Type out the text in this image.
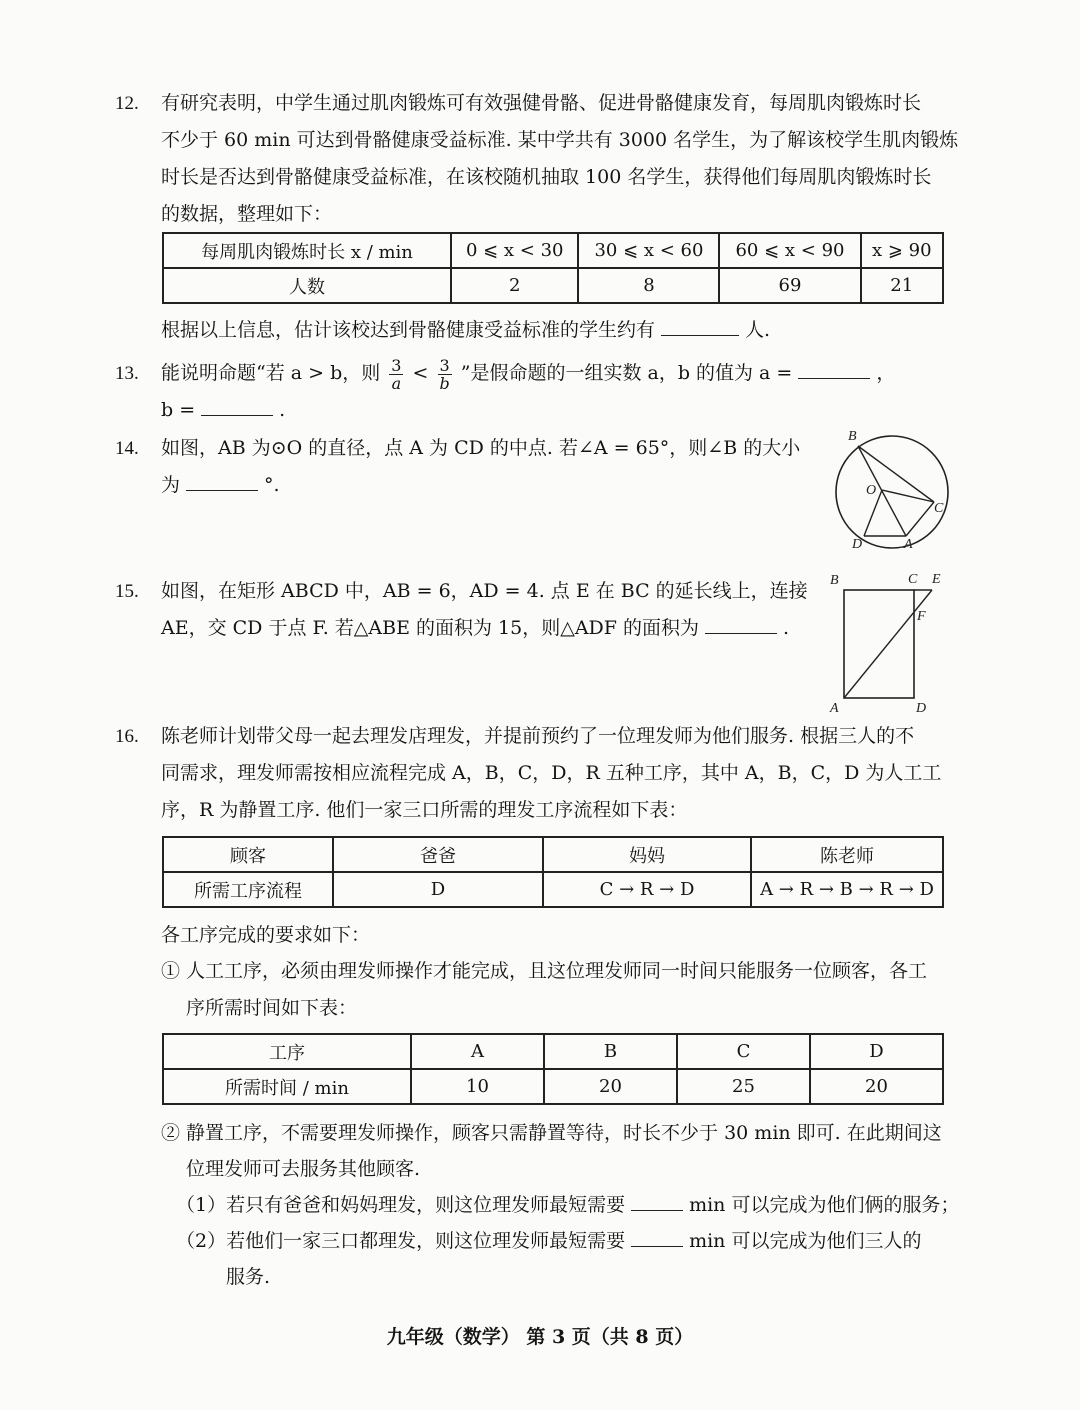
12.	有研究表明，中学生通过肌肉锻炼可有效强健骨骼、促进骨骼健康发育，每周肌肉锻炼时长
不少于 60 min 可达到骨骼健康受益标准. 某中学共有 3000 名学生，为了解该校学生肌肉锻炼
时长是否达到骨骼健康受益标准，在该校随机抽取 100 名学生，获得他们每周肌肉锻炼时长
的数据，整理如下：
每周肌肉锻炼时长 x / min	0 ⩽ x < 30	30 ⩽ x < 60	60 ⩽ x < 90	x ⩾ 90
人数	2	8	69	21
根据以上信息，估计该校达到骨骼健康受益标准的学生约有	人.
13.	能说明命题“若 a > b，则 $\frac{3}{a} < \frac{3}{b}$ ”是假命题的一组实数 a，b 的值为 a =	，
b =	.
14.	如图，AB 为⊙O 的直径，点 A 为 CD 的中点. 若∠A = 65°，则∠B 的大小
为	°.
B
O
C
D	A
15.	如图，在矩形 ABCD 中，AB = 6，AD = 4. 点 E 在 BC 的延长线上，连接
AE，交 CD 于点 F. 若△ABE 的面积为 15，则△ADF 的面积为	.
B	C E
F
A	D
16.	陈老师计划带父母一起去理发店理发，并提前预约了一位理发师为他们服务. 根据三人的不
同需求，理发师需按相应流程完成 A，B，C，D，R 五种工序，其中 A，B，C，D 为人工工
序，R 为静置工序. 他们一家三口所需的理发工序流程如下表：
顾客	爸爸	妈妈	陈老师
所需工序流程	D	C → R → D	A → R → B → R → D
各工序完成的要求如下：
① 人工工序，必须由理发师操作才能完成，且这位理发师同一时间只能服务一位顾客，各工
序所需时间如下表：
工序	A	B	C	D
所需时间 / min	10	20	25	20
② 静置工序，不需要理发师操作，顾客只需静置等待，时长不少于 30 min 即可. 在此期间这
位理发师可去服务其他顾客.
（1）若只有爸爸和妈妈理发，则这位理发师最短需要	min 可以完成为他们俩的服务；
（2）若他们一家三口都理发，则这位理发师最短需要	min 可以完成为他们三人的
服务.
九年级（数学） 第 3 页（共 8 页）
